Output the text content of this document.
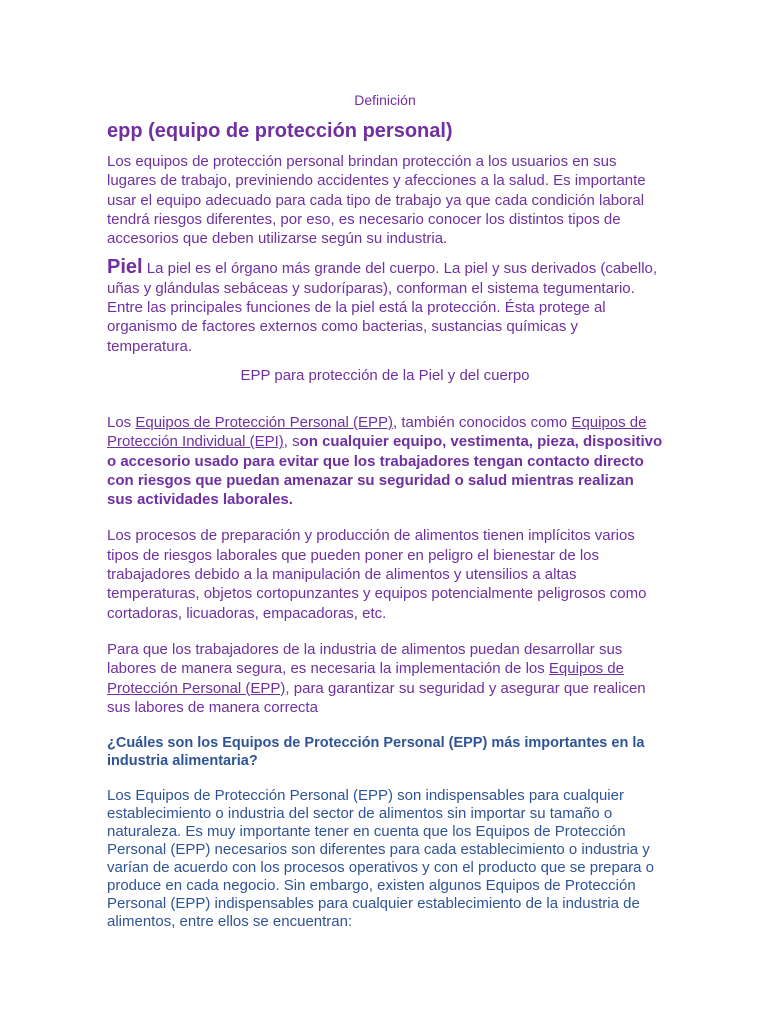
Definición

epp (equipo de protección personal)

Los equipos de protección personal brindan protección a los usuarios en sus lugares de trabajo, previniendo accidentes y afecciones a la salud. Es importante usar el equipo adecuado para cada tipo de trabajo ya que cada condición laboral tendrá riesgos diferentes, por eso, es necesario conocer los distintos tipos de accesorios que deben utilizarse según su industria.

Piel La piel es el órgano más grande del cuerpo. La piel y sus derivados (cabello, uñas y glándulas sebáceas y sudoríparas), conforman el sistema tegumentario. Entre las principales funciones de la piel está la protección. Ésta protege al organismo de factores externos como bacterias, sustancias químicas y temperatura.

EPP para protección de la Piel y del cuerpo

Los Equipos de Protección Personal (EPP), también conocidos como Equipos de Protección Individual (EPI), son cualquier equipo, vestimenta, pieza, dispositivo o accesorio usado para evitar que los trabajadores tengan contacto directo con riesgos que puedan amenazar su seguridad o salud mientras realizan sus actividades laborales.

Los procesos de preparación y producción de alimentos tienen implícitos varios tipos de riesgos laborales que pueden poner en peligro el bienestar de los trabajadores debido a la manipulación de alimentos y utensilios a altas temperaturas, objetos cortopunzantes y equipos potencialmente peligrosos como cortadoras, licuadoras, empacadoras, etc.

Para que los trabajadores de la industria de alimentos puedan desarrollar sus labores de manera segura, es necesaria la implementación de los Equipos de Protección Personal (EPP), para garantizar su seguridad y asegurar que realicen sus labores de manera correcta

¿Cuáles son los Equipos de Protección Personal (EPP) más importantes en la industria alimentaria?

Los Equipos de Protección Personal (EPP) son indispensables para cualquier establecimiento o industria del sector de alimentos sin importar su tamaño o naturaleza. Es muy importante tener en cuenta que los Equipos de Protección Personal (EPP) necesarios son diferentes para cada establecimiento o industria y varían de acuerdo con los procesos operativos y con el producto que se prepara o produce en cada negocio. Sin embargo, existen algunos Equipos de Protección Personal (EPP) indispensables para cualquier establecimiento de la industria de alimentos, entre ellos se encuentran:
